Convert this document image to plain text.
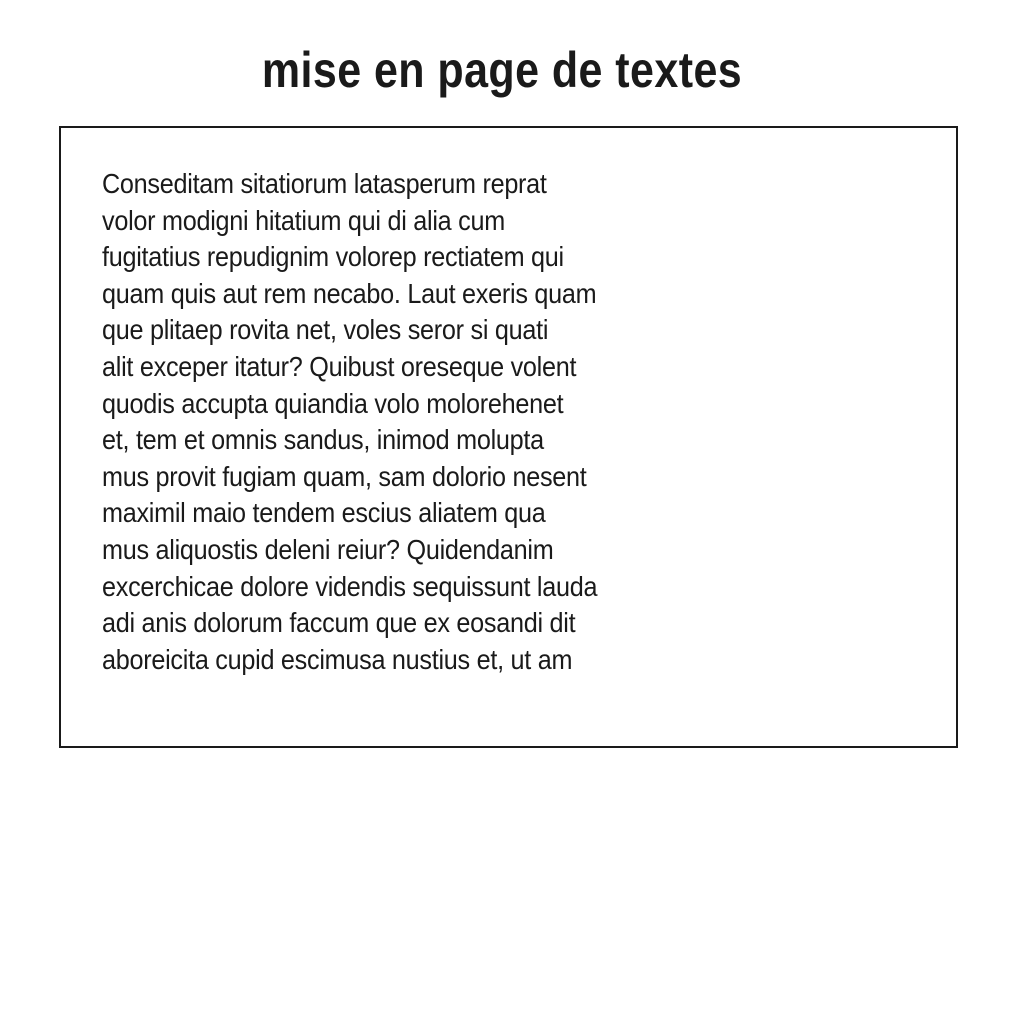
mise en page de textes
Conseditam sitatiorum latasperum reprat
volor modigni hitatium qui di alia cum
fugitatius repudignim volorep rectiatem qui
quam quis aut rem necabo. Laut exeris quam
que plitaep rovita net, voles seror si quati
alit exceper itatur? Quibust oreseque volent
quodis accupta quiandia volo molorehenet
et, tem et omnis sandus, inimod molupta
mus provit fugiam quam, sam dolorio nesent
maximil maio tendem escius aliatem qua
mus aliquostis deleni reiur? Quidendanim
excerchicae dolore videndis sequissunt lauda
adi anis dolorum faccum que ex eosandi dit
aboreicita cupid escimusa nustius et, ut am
